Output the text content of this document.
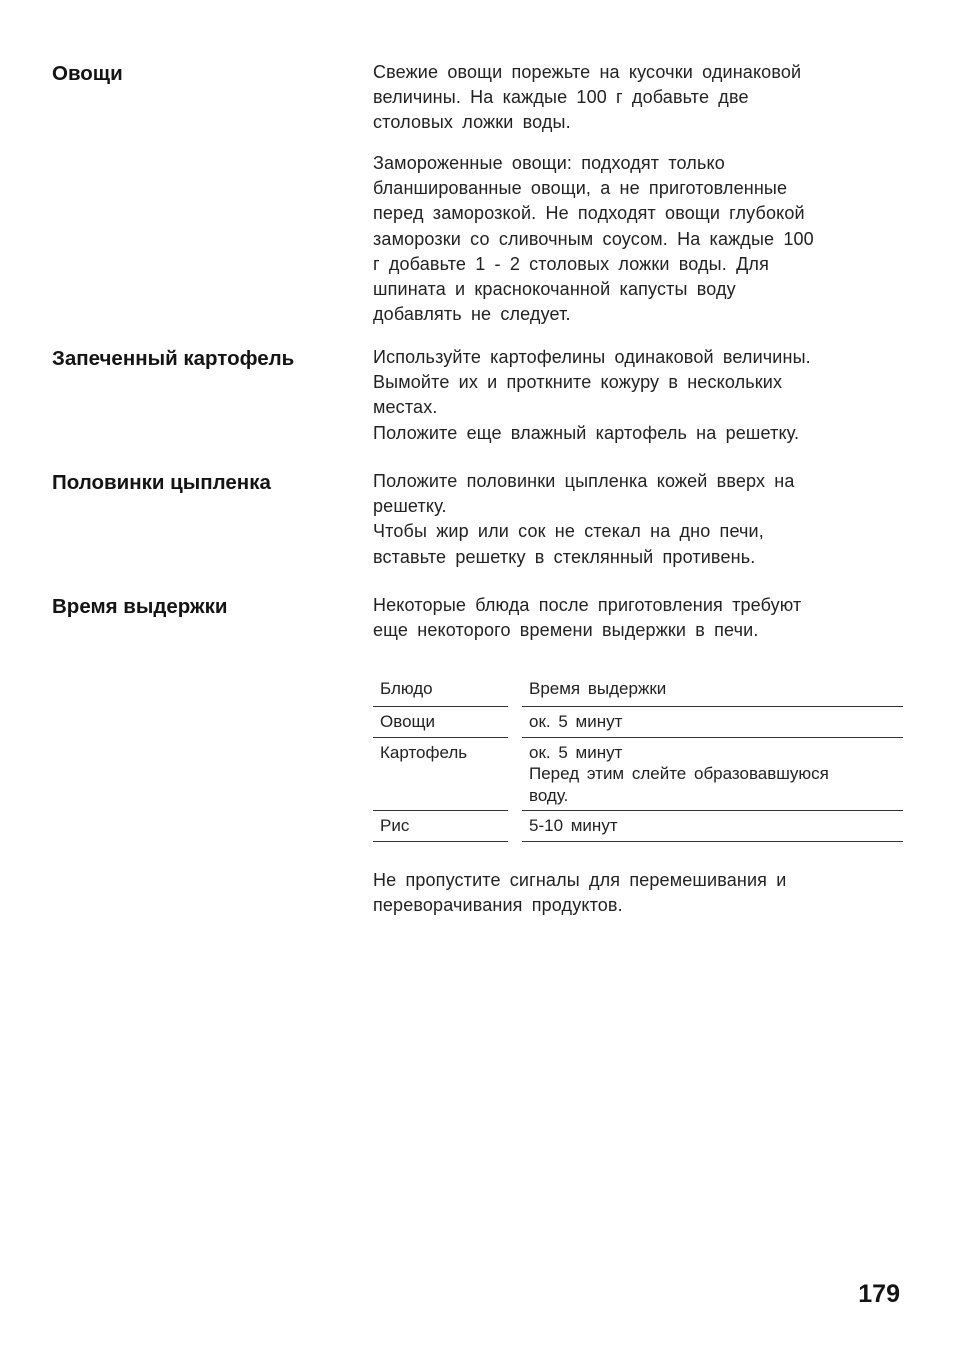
Овощи	Свежие овощи порежьте на кусочки одинаковой
величины. На каждые 100 г добавьте две
столовых ложки воды.
Замороженные овощи: подходят только
бланшированные овощи, а не приготовленные
перед заморозкой. Не подходят овощи глубокой
заморозки со сливочным соусом. На каждые 100
г добавьте 1 - 2 столовых ложки воды. Для
шпината и краснокочанной капусты воду
добавлять не следует.
Запеченный картофель	Используйте картофелины одинаковой величины.
Вымойте их и проткните кожуру в нескольких
местах.
Положите еще влажный картофель на решетку.
Половинки цыпленка	Положите половинки цыпленка кожей вверх на
решетку.
Чтобы жир или сок не стекал на дно печи,
вставьте решетку в стеклянный противень.
Время выдержки	Некоторые блюда после приготовления требуют
еще некоторого времени выдержки в печи.
Блюдо		Время выдержки
Овощи		ок. 5 минут

Картофель		ок. 5 минут
Перед этим слейте образовавшуюся
воду.

Рис		5-10 минут
Не пропустите сигналы для перемешивания и
переворачивания продуктов.
179
